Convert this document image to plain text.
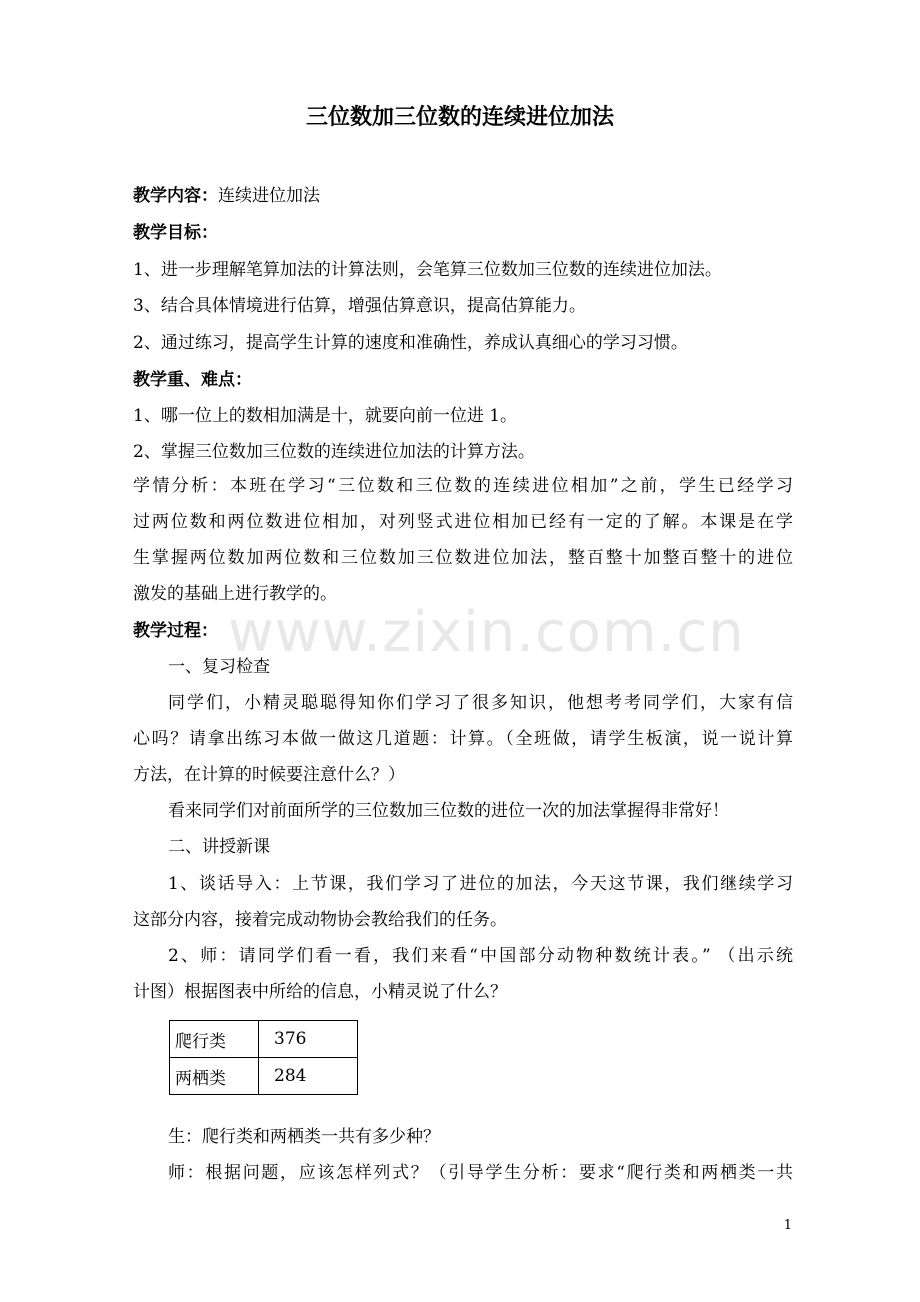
www.zixin.com.cn
三位数加三位数的连续进位加法
教学内容：连续进位加法
教学目标：
1、进一步理解笔算加法的计算法则，会笔算三位数加三位数的连续进位加法。
3、结合具体情境进行估算，增强估算意识，提高估算能力。
2、通过练习，提高学生计算的速度和准确性，养成认真细心的学习习惯。
教学重、难点：
1、哪一位上的数相加满是十，就要向前一位进 1。
2、掌握三位数加三位数的连续进位加法的计算方法。
学情分析：本班在学习“三位数和三位数的连续进位相加”之前，学生已经学习
过两位数和两位数进位相加，对列竖式进位相加已经有一定的了解。本课是在学
生掌握两位数加两位数和三位数加三位数进位加法，整百整十加整百整十的进位
激发的基础上进行教学的。
教学过程：
一、复习检查
同学们，小精灵聪聪得知你们学习了很多知识，他想考考同学们，大家有信
心吗？请拿出练习本做一做这几道题：计算。（全班做，请学生板演，说一说计算
方法，在计算的时候要注意什么？）
看来同学们对前面所学的三位数加三位数的进位一次的加法掌握得非常好！
二、讲授新课
1、谈话导入：上节课，我们学习了进位的加法，今天这节课，我们继续学习
这部分内容，接着完成动物协会教给我们的任务。
2、师：请同学们看一看，我们来看“中国部分动物种数统计表。” （出示统
计图）根据图表中所给的信息，小精灵说了什么？
爬行类	376
两栖类	284
生：爬行类和两栖类一共有多少种？
师：根据问题，应该怎样列式？（引导学生分析：要求“爬行类和两栖类一共
1
